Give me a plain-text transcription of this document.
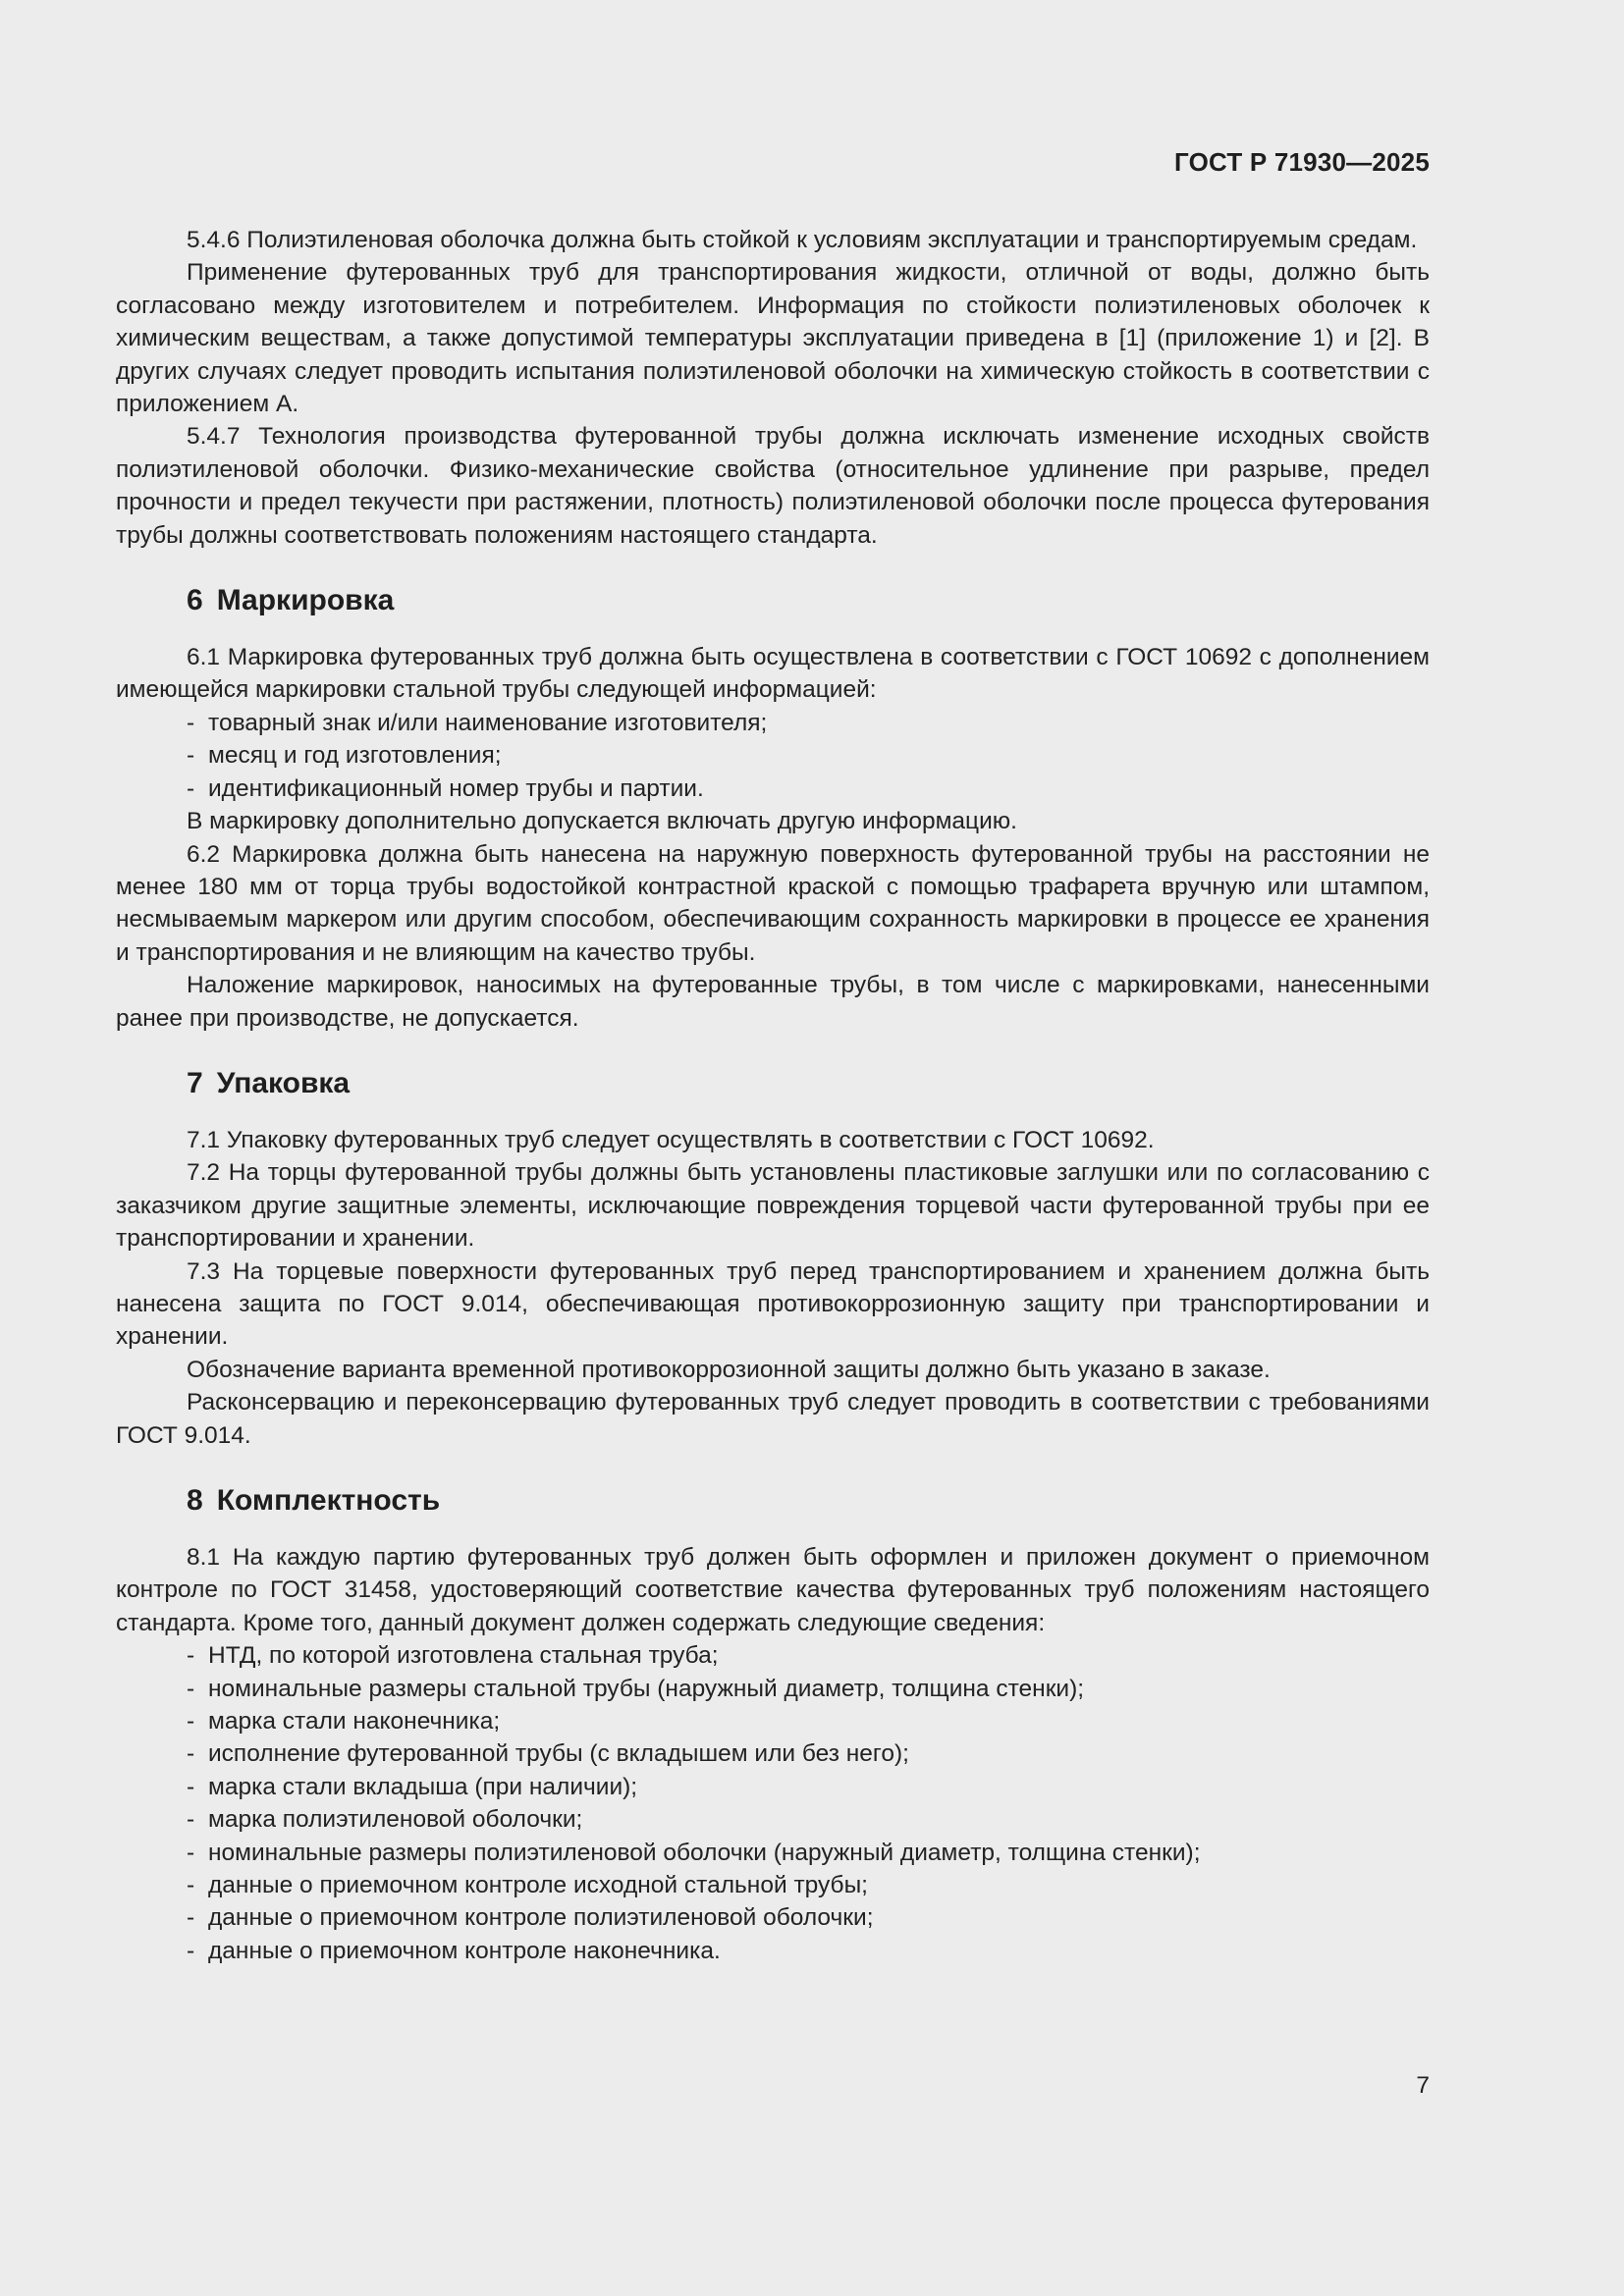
ГОСТ Р 71930—2025

5.4.6 Полиэтиленовая оболочка должна быть стойкой к условиям эксплуатации и транспортируемым средам.

Применение футерованных труб для транспортирования жидкости, отличной от воды, должно быть согласовано между изготовителем и потребителем. Информация по стойкости полиэтиленовых оболочек к химическим веществам, а также допустимой температуры эксплуатации приведена в [1] (приложение 1) и [2]. В других случаях следует проводить испытания полиэтиленовой оболочки на химическую стойкость в соответствии с приложением А.

5.4.7 Технология производства футерованной трубы должна исключать изменение исходных свойств полиэтиленовой оболочки. Физико-механические свойства (относительное удлинение при разрыве, предел прочности и предел текучести при растяжении, плотность) полиэтиленовой оболочки после процесса футерования трубы должны соответствовать положениям настоящего стандарта.

6 Маркировка

6.1 Маркировка футерованных труб должна быть осуществлена в соответствии с ГОСТ 10692 с дополнением имеющейся маркировки стальной трубы следующей информацией:

- товарный знак и/или наименование изготовителя;
- месяц и год изготовления;
- идентификационный номер трубы и партии.

В маркировку дополнительно допускается включать другую информацию.

6.2 Маркировка должна быть нанесена на наружную поверхность футерованной трубы на расстоянии не менее 180 мм от торца трубы водостойкой контрастной краской с помощью трафарета вручную или штампом, несмываемым маркером или другим способом, обеспечивающим сохранность маркировки в процессе ее хранения и транспортирования и не влияющим на качество трубы.

Наложение маркировок, наносимых на футерованные трубы, в том числе с маркировками, нанесенными ранее при производстве, не допускается.

7 Упаковка

7.1 Упаковку футерованных труб следует осуществлять в соответствии с ГОСТ 10692.

7.2 На торцы футерованной трубы должны быть установлены пластиковые заглушки или по согласованию с заказчиком другие защитные элементы, исключающие повреждения торцевой части футерованной трубы при ее транспортировании и хранении.

7.3 На торцевые поверхности футерованных труб перед транспортированием и хранением должна быть нанесена защита по ГОСТ 9.014, обеспечивающая противокоррозионную защиту при транспортировании и хранении.

Обозначение варианта временной противокоррозионной защиты должно быть указано в заказе.

Расконсервацию и переконсервацию футерованных труб следует проводить в соответствии с требованиями ГОСТ 9.014.

8 Комплектность

8.1 На каждую партию футерованных труб должен быть оформлен и приложен документ о приемочном контроле по ГОСТ 31458, удостоверяющий соответствие качества футерованных труб положениям настоящего стандарта. Кроме того, данный документ должен содержать следующие сведения:

- НТД, по которой изготовлена стальная труба;
- номинальные размеры стальной трубы (наружный диаметр, толщина стенки);
- марка стали наконечника;
- исполнение футерованной трубы (с вкладышем или без него);
- марка стали вкладыша (при наличии);
- марка полиэтиленовой оболочки;
- номинальные размеры полиэтиленовой оболочки (наружный диаметр, толщина стенки);
- данные о приемочном контроле исходной стальной трубы;
- данные о приемочном контроле полиэтиленовой оболочки;
- данные о приемочном контроле наконечника.
7
